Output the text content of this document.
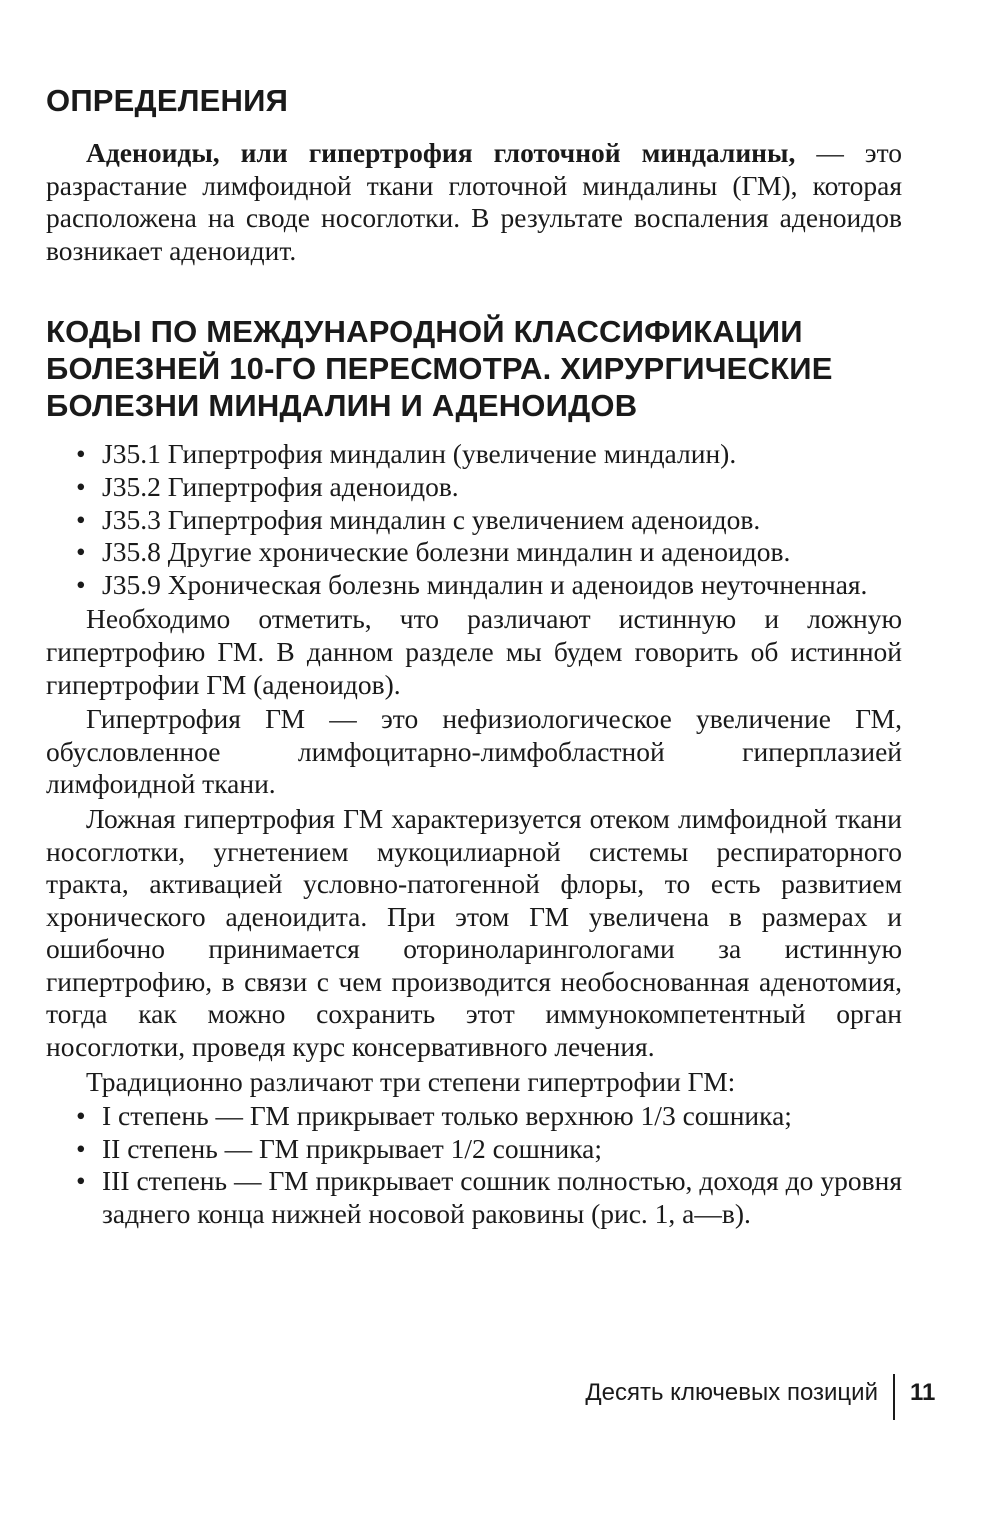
ОПРЕДЕЛЕНИЯ

Аденоиды, или гипертрофия глоточной миндалины, — это разрастание лимфоидной ткани глоточной миндалины (ГМ), которая расположена на своде носоглотки. В результате воспаления аденоидов возникает аденоидит.

КОДЫ ПО МЕЖДУНАРОДНОЙ КЛАССИФИКАЦИИ
БОЛЕЗНЕЙ 10-ГО ПЕРЕСМОТРА. ХИРУРГИЧЕСКИЕ
БОЛЕЗНИ МИНДАЛИН И АДЕНОИДОВ
• J35.1 Гипертрофия миндалин (увеличение миндалин).
• J35.2 Гипертрофия аденоидов.
• J35.3 Гипертрофия миндалин с увеличением аденоидов.
• J35.8 Другие хронические болезни миндалин и аденоидов.
• J35.9 Хроническая болезнь миндалин и аденоидов неуточненная.

Необходимо отметить, что различают истинную и ложную гипертрофию ГМ. В данном разделе мы будем говорить об истинной гипертрофии ГМ (аденоидов).

Гипертрофия ГМ — это нефизиологическое увеличение ГМ, обусловленное лимфоцитарно-лимфобластной гиперплазией лимфоидной ткани.

Ложная гипертрофия ГМ характеризуется отеком лимфоидной ткани носоглотки, угнетением мукоцилиарной системы респираторного тракта, активацией условно-патогенной флоры, то есть развитием хронического аденоидита. При этом ГМ увеличена в размерах и ошибочно принимается оториноларингологами за истинную гипертрофию, в связи с чем производится необоснованная аденотомия, тогда как можно сохранить этот иммунокомпетентный орган носоглотки, проведя курс консервативного лечения.

Традиционно различают три степени гипертрофии ГМ:

• I степень — ГМ прикрывает только верхнюю 1/3 сошника;
• II степень — ГМ прикрывает 1/2 сошника;
• III степень — ГМ прикрывает сошник полностью, доходя до уровня заднего конца нижней носовой раковины (рис. 1, а—в).
Десять ключевых позиций 11
